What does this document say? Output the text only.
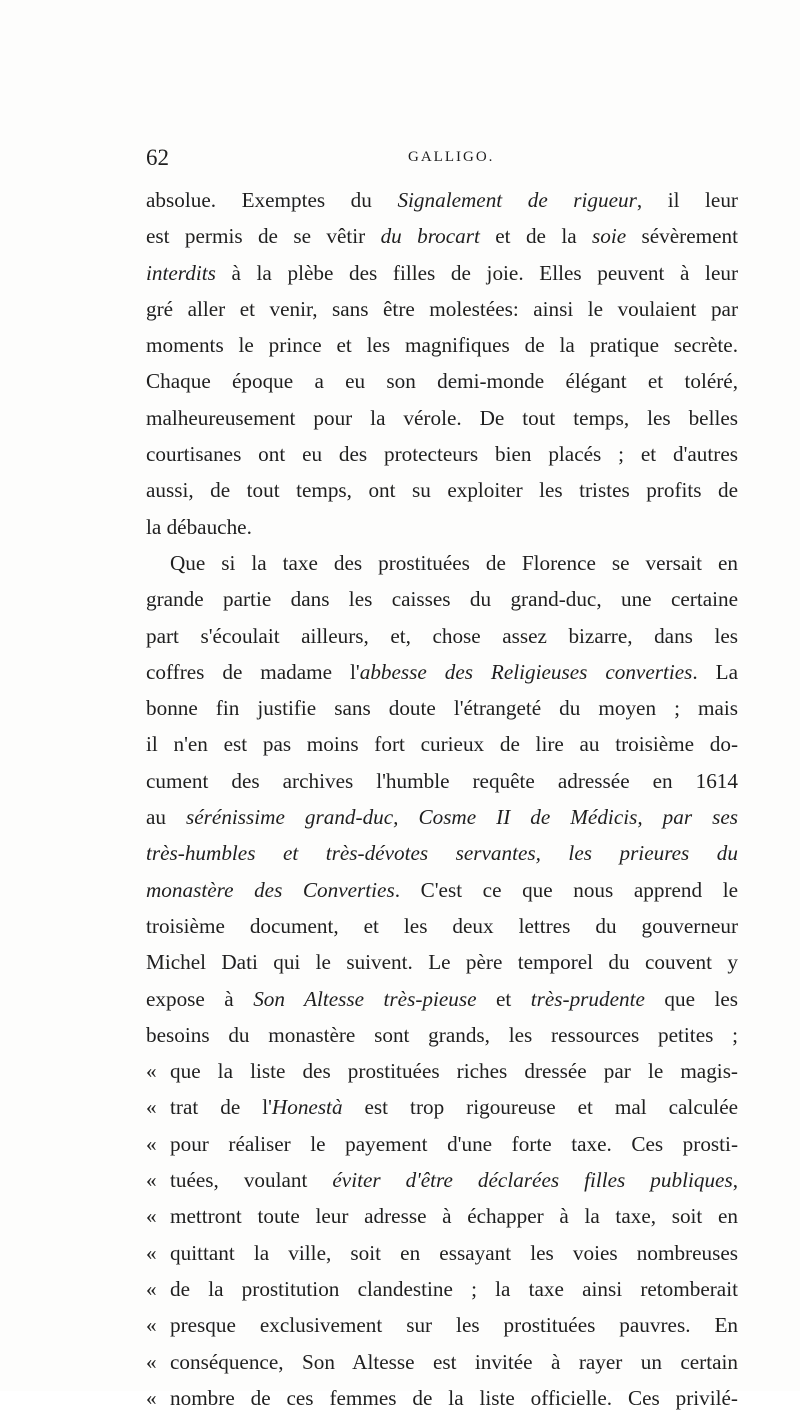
62	GALLIGO.
absolue. Exemptes du Signalement de rigueur, il leur
est permis de se vêtir du brocart et de la soie sévèrement
interdits à la plèbe des filles de joie. Elles peuvent à leur
gré aller et venir, sans être molestées: ainsi le voulaient par
moments le prince et les magnifiques de la pratique secrète.
Chaque époque a eu son demi-monde élégant et toléré,
malheureusement pour la vérole. De tout temps, les belles
courtisanes ont eu des protecteurs bien placés ; et d'autres
aussi, de tout temps, ont su exploiter les tristes profits de
la débauche.
Que si la taxe des prostituées de Florence se versait en
grande partie dans les caisses du grand-duc, une certaine
part s'écoulait ailleurs, et, chose assez bizarre, dans les
coffres de madame l'abbesse des Religieuses converties. La
bonne fin justifie sans doute l'étrangeté du moyen ; mais
il n'en est pas moins fort curieux de lire au troisième do-
cument des archives l'humble requête adressée en 1614
au sérénissime grand-duc, Cosme II de Médicis, par ses
très-humbles et très-dévotes servantes, les prieures du
monastère des Converties. C'est ce que nous apprend le
troisième document, et les deux lettres du gouverneur
Michel Dati qui le suivent. Le père temporel du couvent y
expose à Son Altesse très-pieuse et très-prudente que les
besoins du monastère sont grands, les ressources petites ;
« que la liste des prostituées riches dressée par le magis-
« trat de l'Honestà est trop rigoureuse et mal calculée
« pour réaliser le payement d'une forte taxe. Ces prosti-
« tuées, voulant éviter d'être déclarées filles publiques,
« mettront toute leur adresse à échapper à la taxe, soit en
« quittant la ville, soit en essayant les voies nombreuses
« de la prostitution clandestine ; la taxe ainsi retomberait
« presque exclusivement sur les prostituées pauvres. En
« conséquence, Son Altesse est invitée à rayer un certain
« nombre de ces femmes de la liste officielle. Ces privilé-
